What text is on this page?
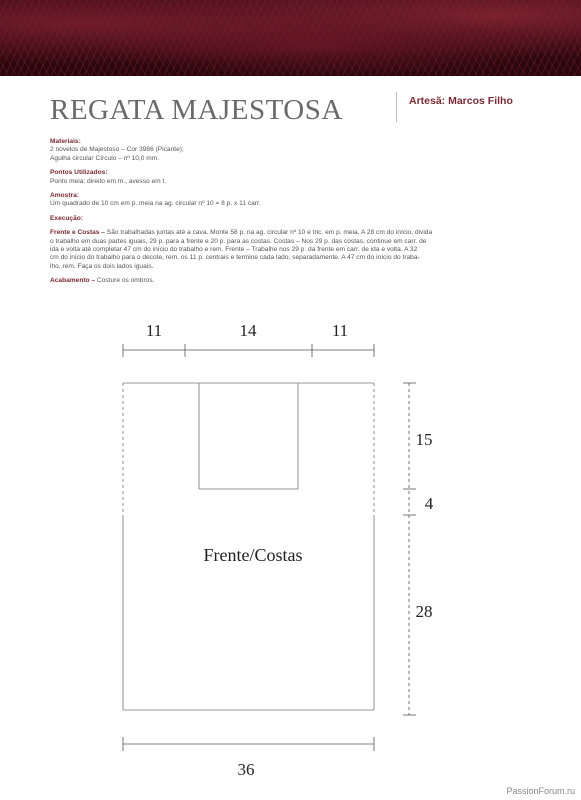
REGATA MAJESTOSA	Artesã: Marcos Filho

Materiais:
2 novelos de Majestoso – Cor 3986 (Picante);
Agulha circular Círculo – nº 10,0 mm.

Pontos Utilizados:
Ponto meia: direito em m., avesso em t.

Amostra:
Um quadrado de 10 cm em p. meia na ag. circular nº 10 = 8 p. x 11 carr.

Execução:

Frente e Costas – São trabalhadas juntas até a cava. Monte 58 p. na ag. circular nº 10 e tric. em p. meia. A 28 cm do início, divida
o trabalho em duas partes iguais, 29 p. para a frente e 20 p. para as costas. Costas – Nos 29 p. das costas, continue em carr. de
ida e volta até completar 47 cm do início do trabalho e rem. Frente – Trabalhe nos 29 p. da frente em carr. de ida e volta. A 32
cm do início do trabalho para o decote, rem. os 11 p. centrais e termine cada lado, separadamente. A 47 cm do início do traba-
lho, rem. Faça os dois lados iguais.

Acabamento – Costure os ombros.

11	14	11
15
4
28
Frente/Costas
36
PassionForum.ru
